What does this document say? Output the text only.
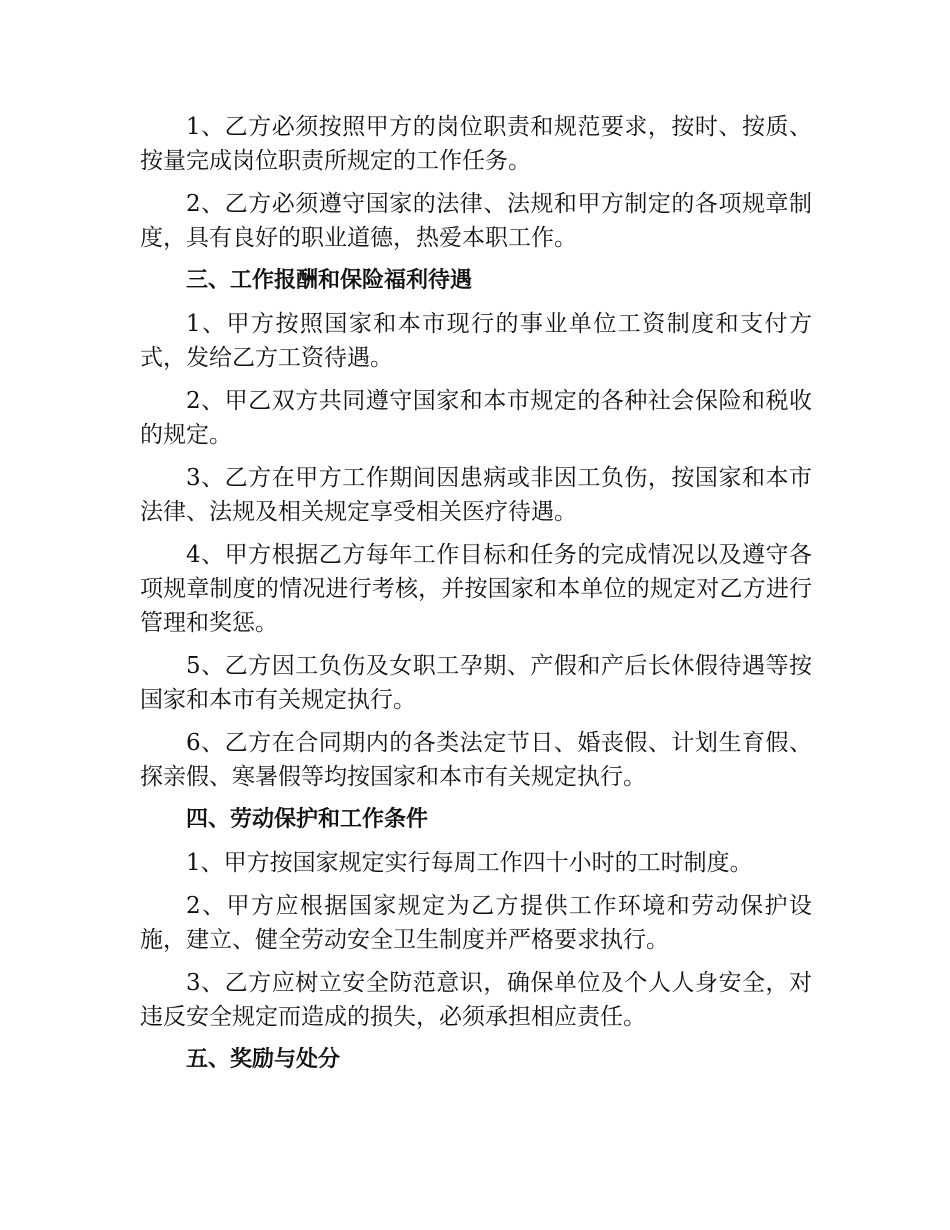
1、乙方必须按照甲方的岗位职责和规范要求，按时、按质、按量完成岗位职责所规定的工作任务。

2、乙方必须遵守国家的法律、法规和甲方制定的各项规章制度，具有良好的职业道德，热爱本职工作。

三、工作报酬和保险福利待遇

1、甲方按照国家和本市现行的事业单位工资制度和支付方式，发给乙方工资待遇。

2、甲乙双方共同遵守国家和本市规定的各种社会保险和税收的规定。

3、乙方在甲方工作期间因患病或非因工负伤，按国家和本市法律、法规及相关规定享受相关医疗待遇。

4、甲方根据乙方每年工作目标和任务的完成情况以及遵守各项规章制度的情况进行考核，并按国家和本单位的规定对乙方进行管理和奖惩。

5、乙方因工负伤及女职工孕期、产假和产后长休假待遇等按国家和本市有关规定执行。

6、乙方在合同期内的各类法定节日、婚丧假、计划生育假、探亲假、寒暑假等均按国家和本市有关规定执行。

四、劳动保护和工作条件

1、甲方按国家规定实行每周工作四十小时的工时制度。

2、甲方应根据国家规定为乙方提供工作环境和劳动保护设施，建立、健全劳动安全卫生制度并严格要求执行。

3、乙方应树立安全防范意识，确保单位及个人人身安全，对违反安全规定而造成的损失，必须承担相应责任。

五、奖励与处分
